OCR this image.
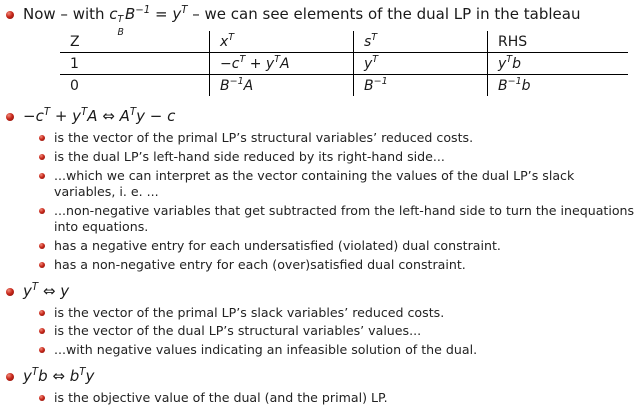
Now – with c T
B
$B^{-1} = y^T$ – we can see elements of the dual LP in the tableau
Z	$x^T$	$s^T$	RHS
1	$-c^T + y^TA$	$y^T$	$y^Tb$
0	$B^{-1}A$	$B^{-1}$	$B^{-1}b$
$-c^T + y^TA$ ⇔ $A^Ty - c$
is the vector of the primal LP’s structural variables’ reduced costs.
is the dual LP’s left-hand side reduced by its right-hand side...
...which we can interpret as the vector containing the values of the dual LP’s slack variables, i. e. ...
...non-negative variables that get subtracted from the left-hand side to turn the inequations into equations.
has a negative entry for each undersatisfied (violated) dual constraint.
has a non-negative entry for each (over)satisfied dual constraint.
$y^T$ ⇔ y
is the vector of the primal LP’s slack variables’ reduced costs.
is the vector of the dual LP’s structural variables’ values...
...with negative values indicating an infeasible solution of the dual.
$y^Tb$ ⇔ $b^Ty$
is the objective value of the dual (and the primal) LP.
